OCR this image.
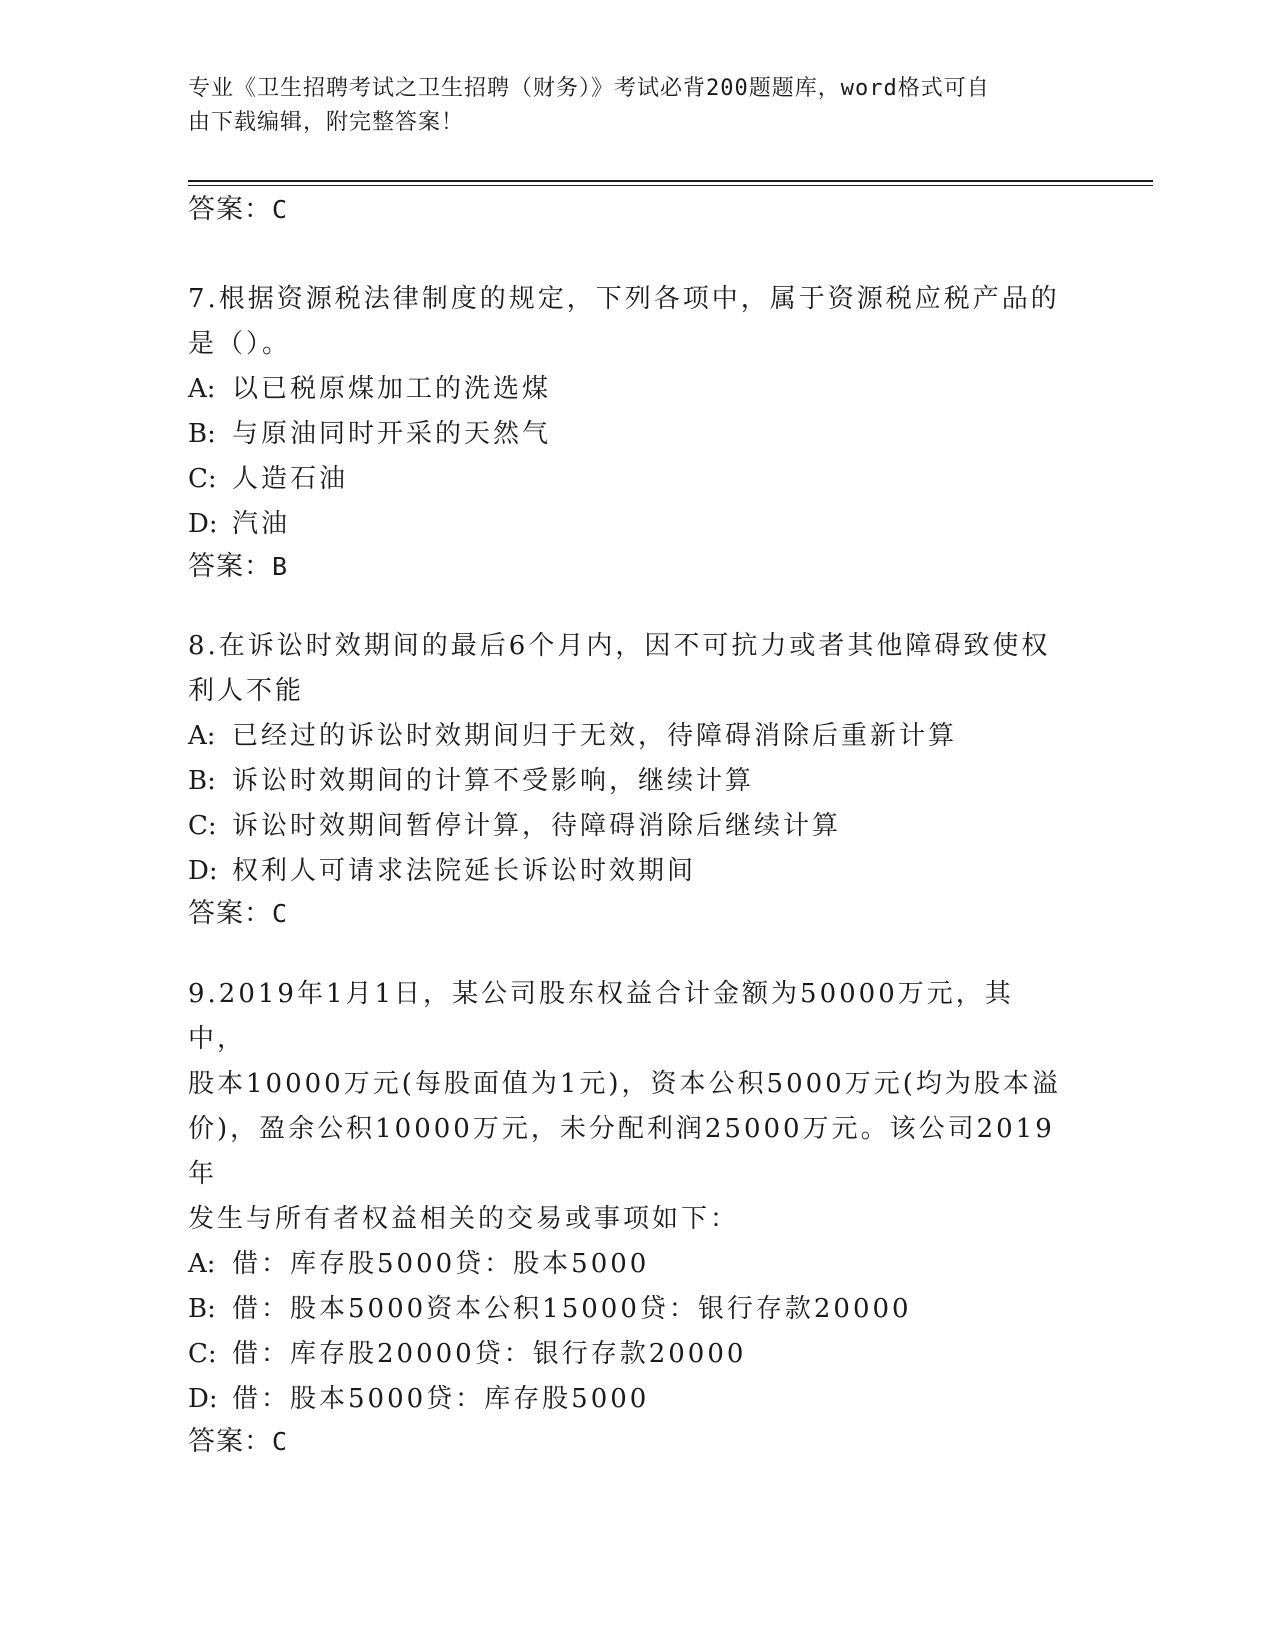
专业《卫生招聘考试之卫生招聘（财务）》考试必背200题题库，word格式可自
由下载编辑，附完整答案！
答案：C
7.根据资源税法律制度的规定，下列各项中，属于资源税应税产品的
是（）。
A: 以已税原煤加工的洗选煤
B: 与原油同时开采的天然气
C: 人造石油
D: 汽油
答案：B
8.在诉讼时效期间的最后6个月内，因不可抗力或者其他障碍致使权
利人不能
A: 已经过的诉讼时效期间归于无效，待障碍消除后重新计算
B: 诉讼时效期间的计算不受影响，继续计算
C: 诉讼时效期间暂停计算，待障碍消除后继续计算
D: 权利人可请求法院延长诉讼时效期间
答案：C
9.2019年1月1日，某公司股东权益合计金额为50000万元，其中，
股本10000万元(每股面值为1元)，资本公积5000万元(均为股本溢
价)，盈余公积10000万元，未分配利润25000万元。该公司2019年
发生与所有者权益相关的交易或事项如下：
A: 借：库存股5000贷：股本5000
B: 借：股本5000资本公积15000贷：银行存款20000
C: 借：库存股20000贷：银行存款20000
D: 借：股本5000贷：库存股5000
答案：C
